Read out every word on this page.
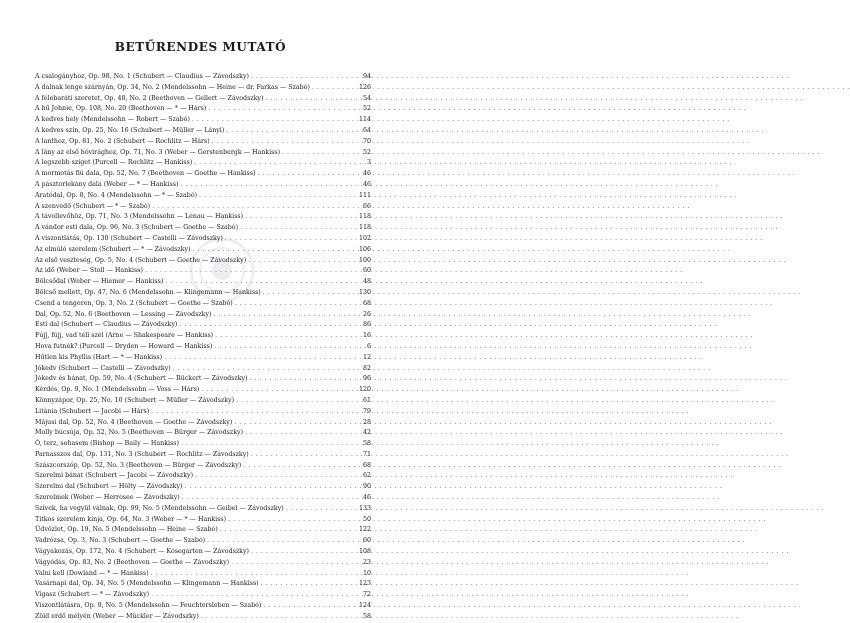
BETŰRENDES MUTATÓ
A csalogányhoz, Op. 98, No. 1 (Schubert — Claudius — Závodszky) . . .	94
A dalnak lenge szárnyán, Op. 34, No. 2 (Mendelssohn — Heine — dr. Farkas — Szabó) . . .	126
A félebaráti szeretet, Op. 48, No. 2 (Beethoven — Gellert — Závodszky) . . .	54
A hű Johnie, Op. 108, No. 20 (Beethoven — * — Hárs) . . .	52
A kedves hely (Mendelssohn — Robert — Szabó) . . .	114
A kedves szín, Op. 25, No. 16 (Schubert — Müller — Lányi) . . .	64
A lanthoz, Op. 81, No. 2 (Schubert — Rochlitz — Hárs) . . .	70
A lány az első hóvirághoz, Op. 71, No. 3 (Weber — Gerstenbergk — Hankiss) . . .	52
A legszebb sziget (Purcell — Rochlitz — Hankiss) . . .	3
A mormotás fiú dala, Op. 52, No. 7 (Beethoven — Goethe — Hankiss) . . .	46
A pásztorlekány dala (Weber — * — Hankiss) . . .	46
Aratódal, Op. 8, No. 4 (Mendelssohn — * — Szabó) . . .	111
A szenvedő (Schubert — * — Szabó) . . .	66
A távollevőhöz, Op. 71, No. 3 (Mendelssohn — Lenau — Hankiss) . . .	118
A vándor esti dala, Op. 96, No. 3 (Schubert — Goethe — Szabó) . . .	118
A viszontlátás, Op. 130 (Schubert — Castelli — Závodszky) . . .	102
Az elmúló szerelem (Schubert — * — Závodszky) . . .	106
Az első veszteség, Op. 5, No. 4 (Schubert — Goethe — Závodszky) . . .	100
Az idő (Weber — Stoll — Hankiss) . . .	60
Bölcsődal (Weber — Hiemer — Hankiss) . . .	48
Bölcső mellett, Op. 47, No. 6 (Mendelssohn — Klingemann — Hankiss) . . .	130
Csend a tengeren, Op. 3, No. 2 (Schubert — Goethe — Szabó) . . .	68
Dal, Op. 52, No. 6 (Beethoven — Lessing — Závodszky) . . .	26
Esti dal (Schubert — Claudius — Závodszky) . . .	86
Fújj, fújj, vad téli szél (Arne — Shakespeare — Hankiss) . . .	16
Hova futnék? (Purcell — Dryden — Howard — Hankiss) . . .	6
Hűtlen kis Phyllis (Hart — * — Hankiss) . . .	12
Jókedv (Schubert — Castelli — Závodszky) . . .	82
Jókedv és bánat, Op. 59, No. 4 (Schubert — Rückert — Závodszky) . . .	96
Kérdés, Op. 9, No. 1 (Mendelssohn — Voss — Hárs) . . .	120
Könnyzápor, Op. 25, No. 10 (Schubert — Müller — Závodszky) . . .	61
Litánia (Schubert — Jacobi — Hárs) . . .	79
Májusi dal, Op. 52, No. 4 (Beethoven — Goethe — Závodszky) . . .	28
Molly búcsúja, Op. 52, No. 5 (Beethoven — Bürger — Závodszky) . . .	42
Ó, terz, sohasem (Bishop — Baily — Hankiss) . . .	58
Parnasszos dal, Op. 131, No. 3 (Schubert — Rochlitz — Závodszky) . . .	71
Szászcorszóp, Op. 52, No. 3 (Beethoven — Bürger — Závodszky) . . .	68
Szerelmi bánat (Schubert — Jacobi — Závodszky) . . .	62
Szerelmi dal (Schubert — Hölty — Závodszky) . . .	90
Szerelmek (Weber — Herrosee — Závodszky) . . .	46
Szívek, ha vegyül válnak, Op. 99, No. 5 (Mendelssohn — Geibel — Závodszky) . . .	133
Titkos szerelem kínja, Op. 64, No. 3 (Weber — * — Hankiss) . . .	50
Üdvözlet, Op. 19, No. 5 (Mendelssohn — Heine — Szabó) . . .	122
Vadrózsa, Op. 3, No. 3 (Schubert — Goethe — Szabó) . . .	60
Vágyakozás, Op. 172, No. 4 (Schubert — Kosegarten — Závodszky) . . .	108
Vágyódás, Op. 83, No. 2 (Beethoven — Goethe — Závodszky) . . .	23
Valni kell (Dowland — * — Hankiss) . . .	10
Vasárnapi dal, Op. 34, No. 5 (Mendelssohn — Klingemann — Hankiss) . . .	123
Vigasz (Schubert — * — Závodszky) . . .	72
Viszontlátásra, Op. 9, No. 5 (Mendelssohn — Feuchtersleben — Szabó) . . .	124
Zöld erdő mélyén (Weber — Mückler — Závodszky) . . .	58
